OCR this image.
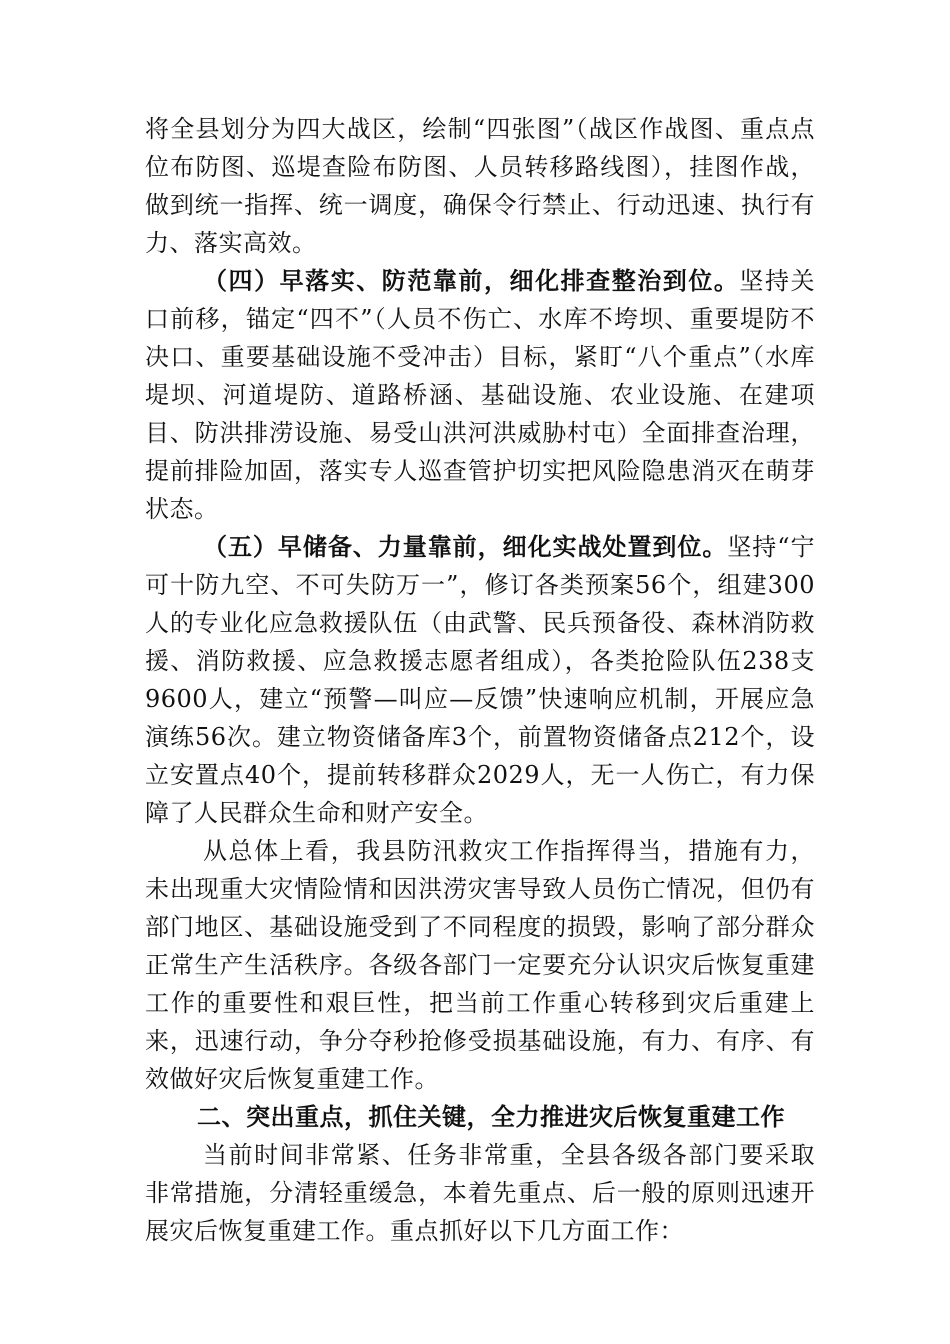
将全县划分为四大战区，绘制“四张图”（战区作战图、重点点位布防图、巡堤查险布防图、人员转移路线图），挂图作战，做到统一指挥、统一调度，确保令行禁止、行动迅速、执行有力、落实高效。

（四）早落实、防范靠前，细化排查整治到位。坚持关口前移，锚定“四不”（人员不伤亡、水库不垮坝、重要堤防不决口、重要基础设施不受冲击）目标，紧盯“八个重点”（水库堤坝、河道堤防、道路桥涵、基础设施、农业设施、在建项目、防洪排涝设施、易受山洪河洪威胁村屯）全面排查治理，提前排险加固，落实专人巡查管护切实把风险隐患消灭在萌芽状态。

（五）早储备、力量靠前，细化实战处置到位。坚持“宁可十防九空、不可失防万一”，修订各类预案56个，组建300人的专业化应急救援队伍（由武警、民兵预备役、森林消防救援、消防救援、应急救援志愿者组成），各类抢险队伍238支9600人，建立“预警—叫应—反馈”快速响应机制，开展应急演练56次。建立物资储备库3个，前置物资储备点212个，设立安置点40个，提前转移群众2029人，无一人伤亡，有力保障了人民群众生命和财产安全。

从总体上看，我县防汛救灾工作指挥得当，措施有力，未出现重大灾情险情和因洪涝灾害导致人员伤亡情况，但仍有部门地区、基础设施受到了不同程度的损毁，影响了部分群众正常生产生活秩序。各级各部门一定要充分认识灾后恢复重建工作的重要性和艰巨性，把当前工作重心转移到灾后重建上来，迅速行动，争分夺秒抢修受损基础设施，有力、有序、有效做好灾后恢复重建工作。

二、突出重点，抓住关键，全力推进灾后恢复重建工作

当前时间非常紧、任务非常重，全县各级各部门要采取非常措施，分清轻重缓急，本着先重点、后一般的原则迅速开展灾后恢复重建工作。重点抓好以下几方面工作：
